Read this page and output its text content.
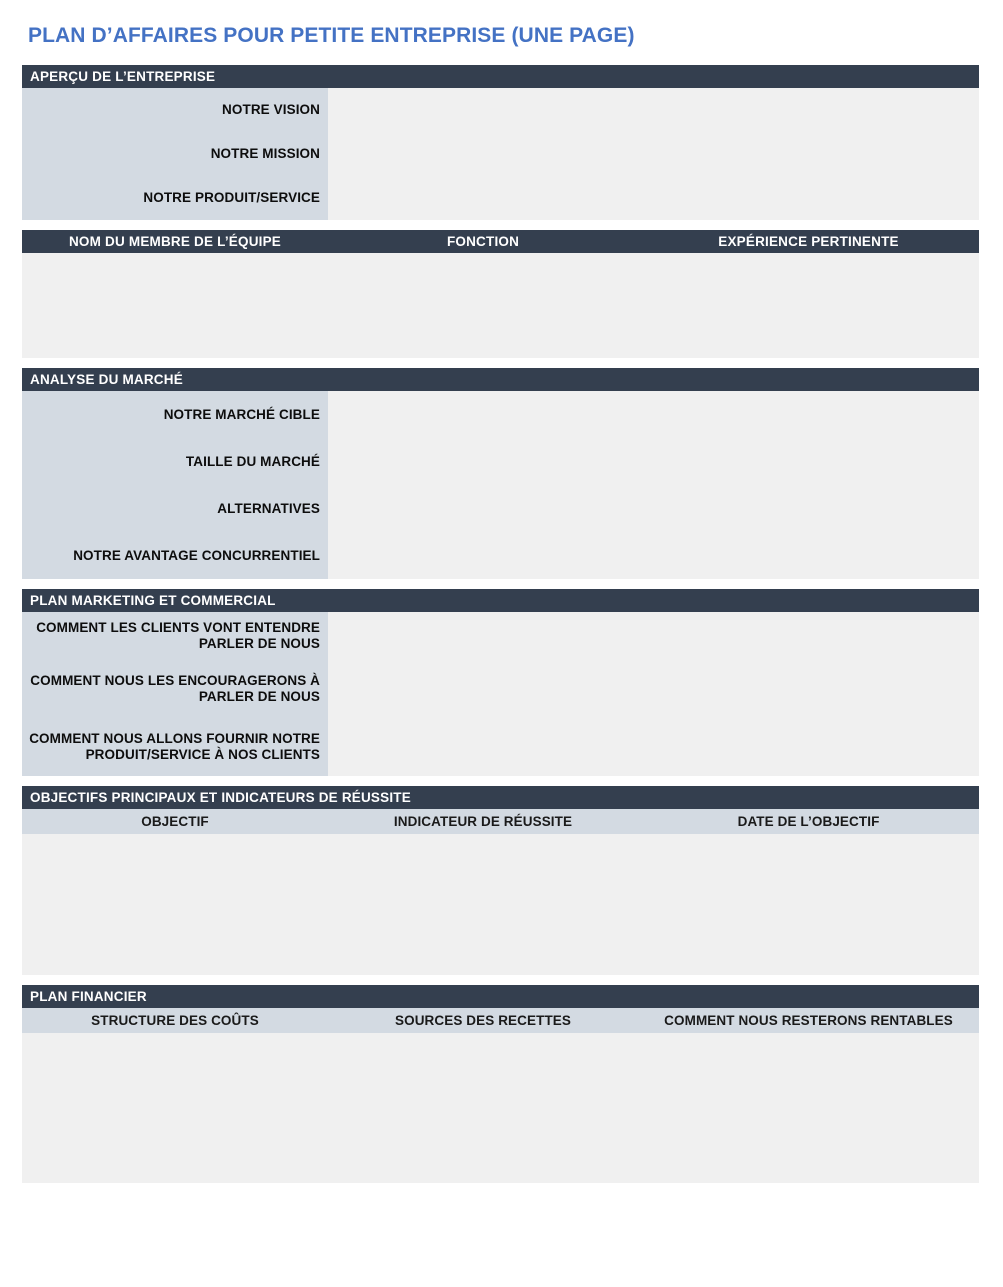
PLAN D’AFFAIRES POUR PETITE ENTREPRISE (UNE PAGE)
APERÇU DE L’ENTREPRISE	
NOTRE VISION	

NOTRE MISSION	

NOTRE PRODUIT/SERVICE	
NOM DU MEMBRE DE L’ÉQUIPE	FONCTION	EXPÉRIENCE PERTINENTE

ANALYSE DU MARCHÉ	
NOTRE MARCHÉ CIBLE	

TAILLE DU MARCHÉ	

ALTERNATIVES	

NOTRE AVANTAGE CONCURRENTIEL	
PLAN MARKETING ET COMMERCIAL	
COMMENT LES CLIENTS VONT ENTENDRE PARLER DE NOUS	

COMMENT NOUS LES ENCOURAGERONS À PARLER DE NOUS	

COMMENT NOUS ALLONS FOURNIR NOTRE PRODUIT/SERVICE À NOS CLIENTS	
OBJECTIFS PRINCIPAUX ET INDICATEURS DE RÉUSSITE		
OBJECTIF	INDICATEUR DE RÉUSSITE	DATE DE L’OBJECTIF

PLAN FINANCIER		
STRUCTURE DES COÛTS	SOURCES DES RECETTES	COMMENT NOUS RESTERONS RENTABLES
